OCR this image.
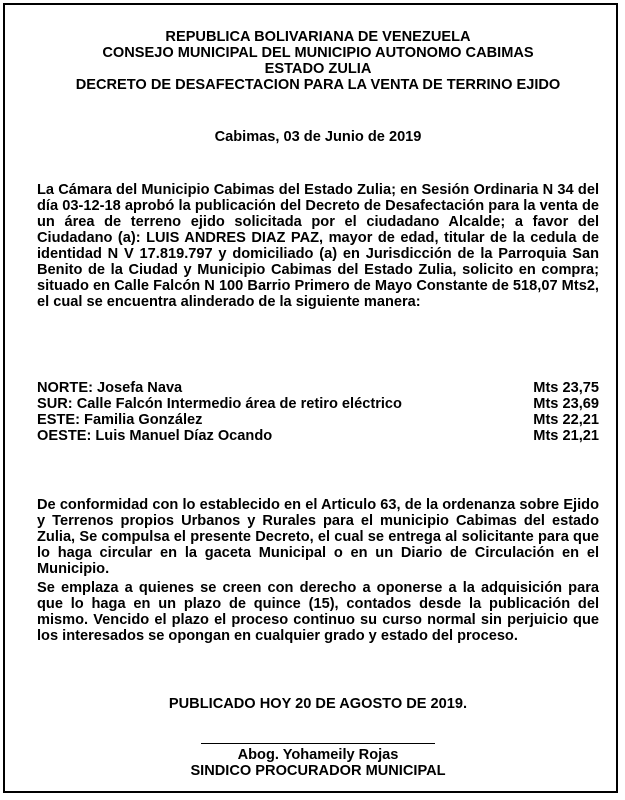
REPUBLICA BOLIVARIANA DE VENEZUELA
CONSEJO MUNICIPAL DEL MUNICIPIO AUTONOMO CABIMAS
ESTADO ZULIA
DECRETO DE DESAFECTACION PARA LA VENTA DE TERRINO EJIDO
Cabimas, 03 de Junio de 2019
La Cámara del Municipio Cabimas del Estado Zulia; en Sesión Ordinaria N 34 del día 03-12-18 aprobó la publicación del Decreto de Desafectación para la venta de un área de terreno ejido solicitada por el ciudadano Alcalde; a favor del Ciudadano (a): LUIS ANDRES DIAZ PAZ, mayor de edad, titular de la cedula de identidad N V 17.819.797 y domiciliado (a) en Jurisdicción de la Parroquia San Benito de la Ciudad y Municipio Cabimas del Estado Zulia, solicito en compra; situado en Calle Falcón N 100 Barrio Primero de Mayo Constante de 518,07 Mts2, el cual se encuentra alinderado de la siguiente manera:
NORTE: Josefa Nava	Mts 23,75
SUR: Calle Falcón Intermedio área de retiro eléctrico	Mts 23,69
ESTE: Familia González	Mts 22,21
OESTE: Luis Manuel Díaz Ocando	Mts 21,21
De conformidad con lo establecido en el Articulo 63, de la ordenanza sobre Ejido y Terrenos propios Urbanos y Rurales para el municipio Cabimas del estado Zulia, Se compulsa el presente Decreto, el cual se entrega al solicitante para que lo haga circular en la gaceta Municipal o en un Diario de Circulación en el Municipio.
Se emplaza a quienes se creen con derecho a oponerse a la adquisición para que lo haga en un plazo de quince (15), contados desde la publicación del mismo. Vencido el plazo el proceso continuo su curso normal sin perjuicio que los interesados se opongan en cualquier grado y estado del proceso.
PUBLICADO HOY 20 DE AGOSTO DE 2019.
Abog. Yohameily Rojas
SINDICO PROCURADOR MUNICIPAL
